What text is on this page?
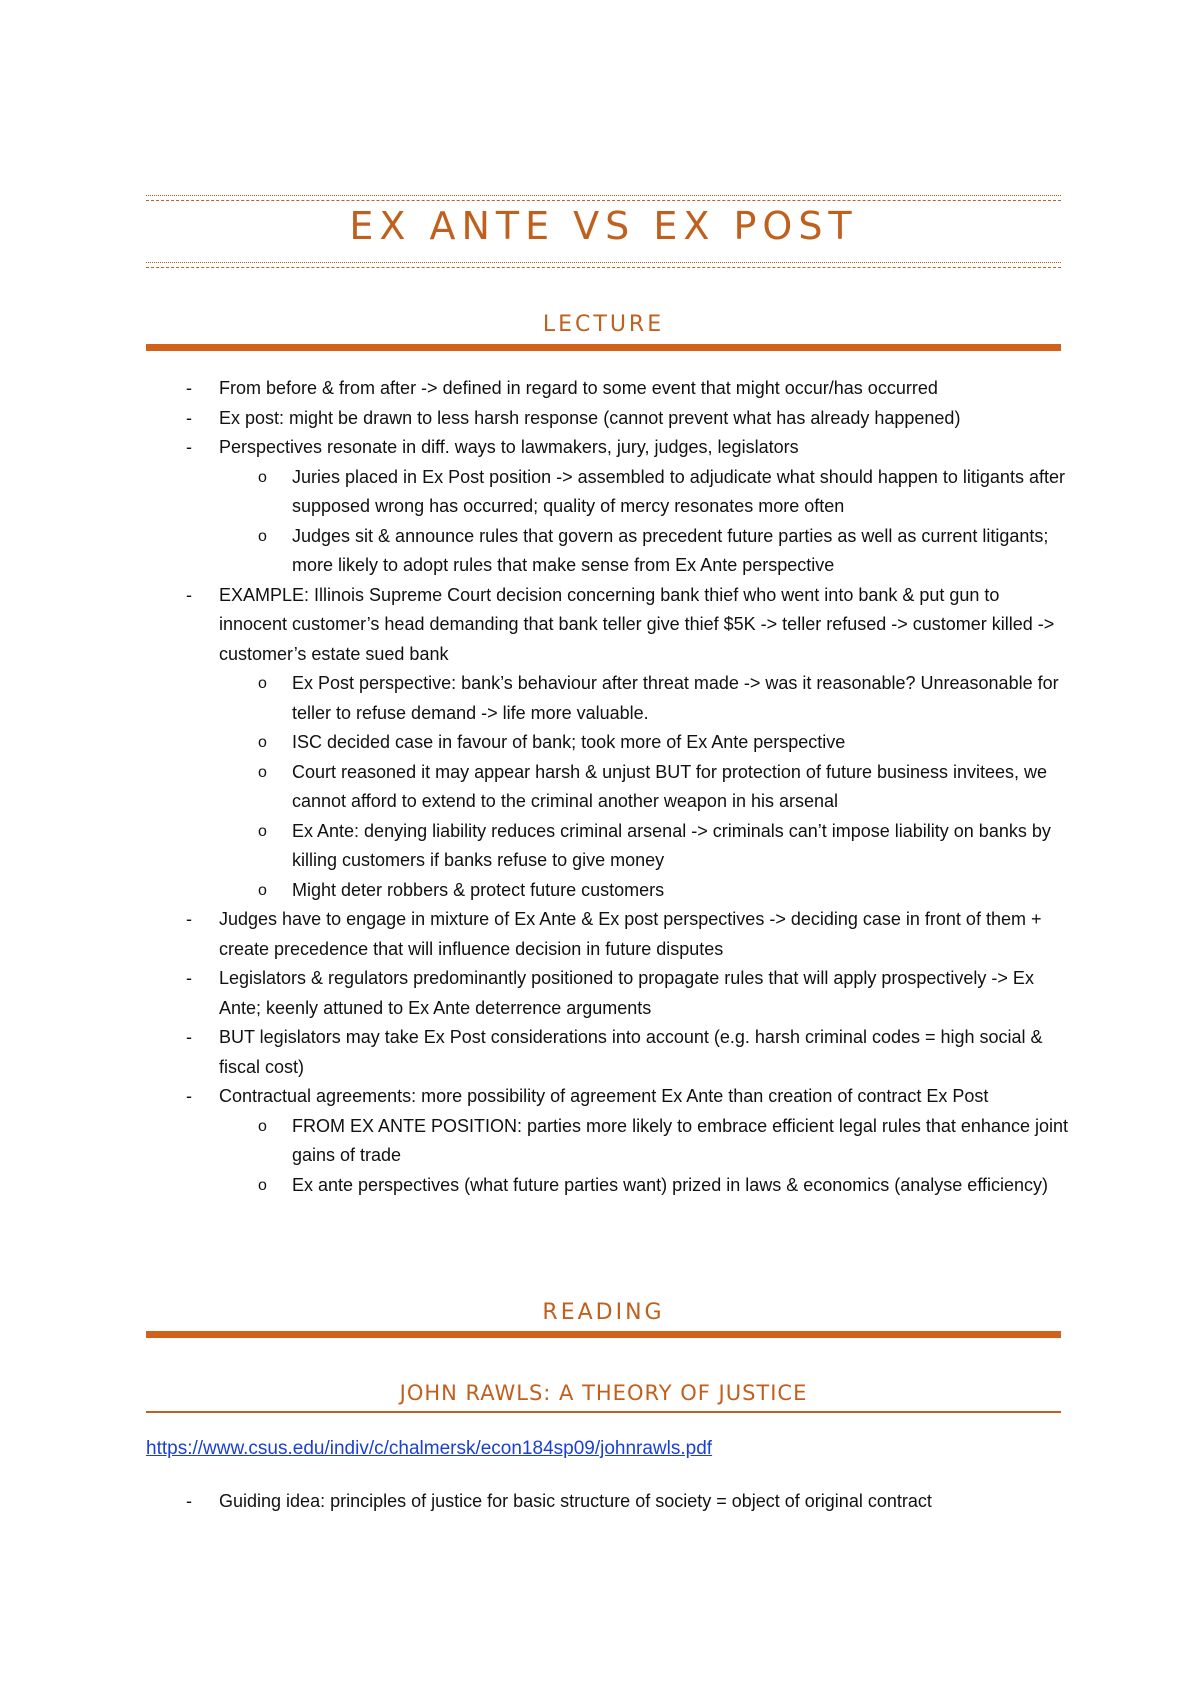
EX ANTE VS EX POST
LECTURE
- From before & from after -> defined in regard to some event that might occur/has occurred
- Ex post: might be drawn to less harsh response (cannot prevent what has already happened)
- Perspectives resonate in diff. ways to lawmakers, jury, judges, legislators
o Juries placed in Ex Post position -> assembled to adjudicate what should happen to litigants after supposed wrong has occurred; quality of mercy resonates more often
o Judges sit & announce rules that govern as precedent future parties as well as current litigants; more likely to adopt rules that make sense from Ex Ante perspective
- EXAMPLE: Illinois Supreme Court decision concerning bank thief who went into bank & put gun to innocent customer’s head demanding that bank teller give thief $5K -> teller refused -> customer killed -> customer’s estate sued bank
o Ex Post perspective: bank’s behaviour after threat made -> was it reasonable? Unreasonable for teller to refuse demand -> life more valuable.
o ISC decided case in favour of bank; took more of Ex Ante perspective
o Court reasoned it may appear harsh & unjust BUT for protection of future business invitees, we cannot afford to extend to the criminal another weapon in his arsenal
o Ex Ante: denying liability reduces criminal arsenal -> criminals can’t impose liability on banks by killing customers if banks refuse to give money
o Might deter robbers & protect future customers
- Judges have to engage in mixture of Ex Ante & Ex post perspectives -> deciding case in front of them + create precedence that will influence decision in future disputes
- Legislators & regulators predominantly positioned to propagate rules that will apply prospectively -> Ex Ante; keenly attuned to Ex Ante deterrence arguments
- BUT legislators may take Ex Post considerations into account (e.g. harsh criminal codes = high social & fiscal cost)
- Contractual agreements: more possibility of agreement Ex Ante than creation of contract Ex Post
o FROM EX ANTE POSITION: parties more likely to embrace efficient legal rules that enhance joint gains of trade
o Ex ante perspectives (what future parties want) prized in laws & economics (analyse efficiency)
READING
JOHN RAWLS: A THEORY OF JUSTICE
https://www.csus.edu/indiv/c/chalmersk/econ184sp09/johnrawls.pdf
- Guiding idea: principles of justice for basic structure of society = object of original contract
